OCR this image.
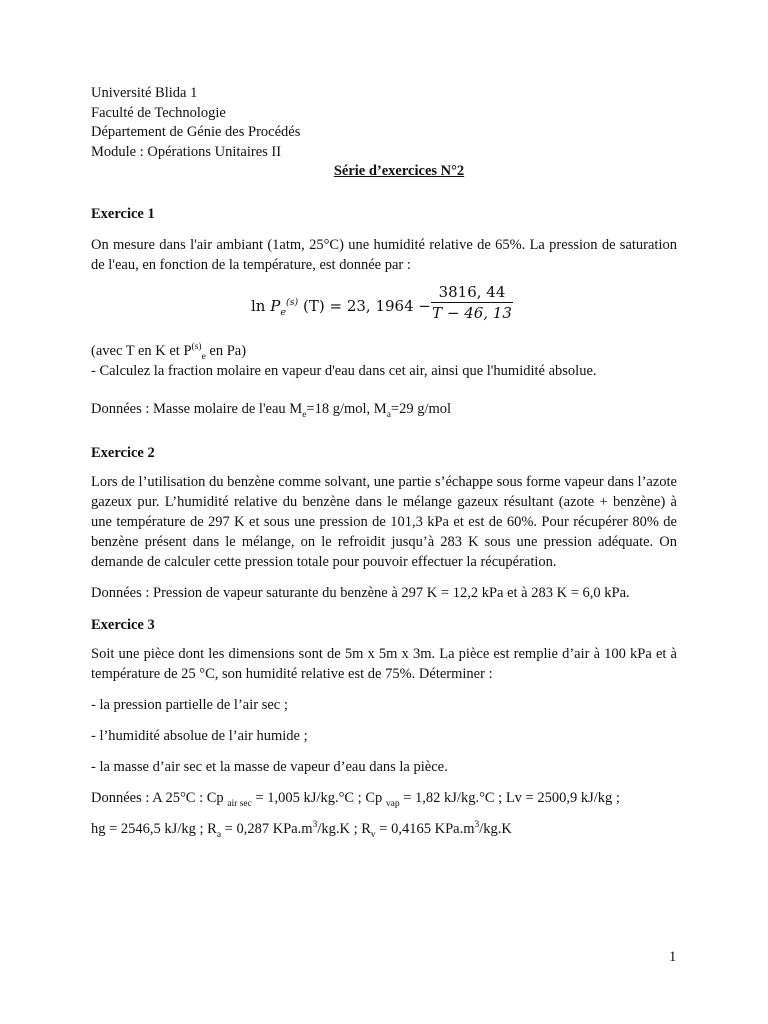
Université Blida 1
Faculté de Technologie
Département de Génie des Procédés
Module : Opérations Unitaires II
Série d’exercices N°2
Exercice 1

On mesure dans l'air ambiant (1atm, 25°C) une humidité relative de 65%. La pression de saturation de l'eau, en fonction de la température, est donnée par :

$\ln P_e^{(s)}$ (T) = 23, 1964 −
3816, 44
T − 46, 13

(avec T en K et $P^{(s)}_e$ en Pa)

- Calculez la fraction molaire en vapeur d'eau dans cet air, ainsi que l'humidité absolue.

Données : Masse molaire de l'eau $M_e=18$ g/mol, $M_a=29$ g/mol

Exercice 2

Lors de l’utilisation du benzène comme solvant, une partie s’échappe sous forme vapeur dans l’azote gazeux pur. L’humidité relative du benzène dans le mélange gazeux résultant (azote + benzène) à une température de 297 K et sous une pression de 101,3 kPa et est de 60%. Pour récupérer 80% de benzène présent dans le mélange, on le refroidit jusqu’à 283 K sous une pression adéquate. On demande de calculer cette pression totale pour pouvoir effectuer la récupération.

Données : Pression de vapeur saturante du benzène à 297 K = 12,2 kPa et à 283 K = 6,0 kPa.

Exercice 3

Soit une pièce dont les dimensions sont de 5m x 5m x 3m. La pièce est remplie d’air à 100 kPa et à température de 25 °C, son humidité relative est de 75%. Déterminer :

- la pression partielle de l’air sec ;

- l’humidité absolue de l’air humide ;

- la masse d’air sec et la masse de vapeur d’eau dans la pièce.

Données : A 25°C : Cp $_{air sec}$ = 1,005 kJ/kg.°C ; Cp $_{vap}$ = 1,82 kJ/kg.°C ; Lv = 2500,9 kJ/kg ;

hg = 2546,5 kJ/kg ; $R_a = 0,287$ $KPa.m^3/kg.K$ ; $R_v = 0,4165$ $KPa.m^3/kg.K$

1
